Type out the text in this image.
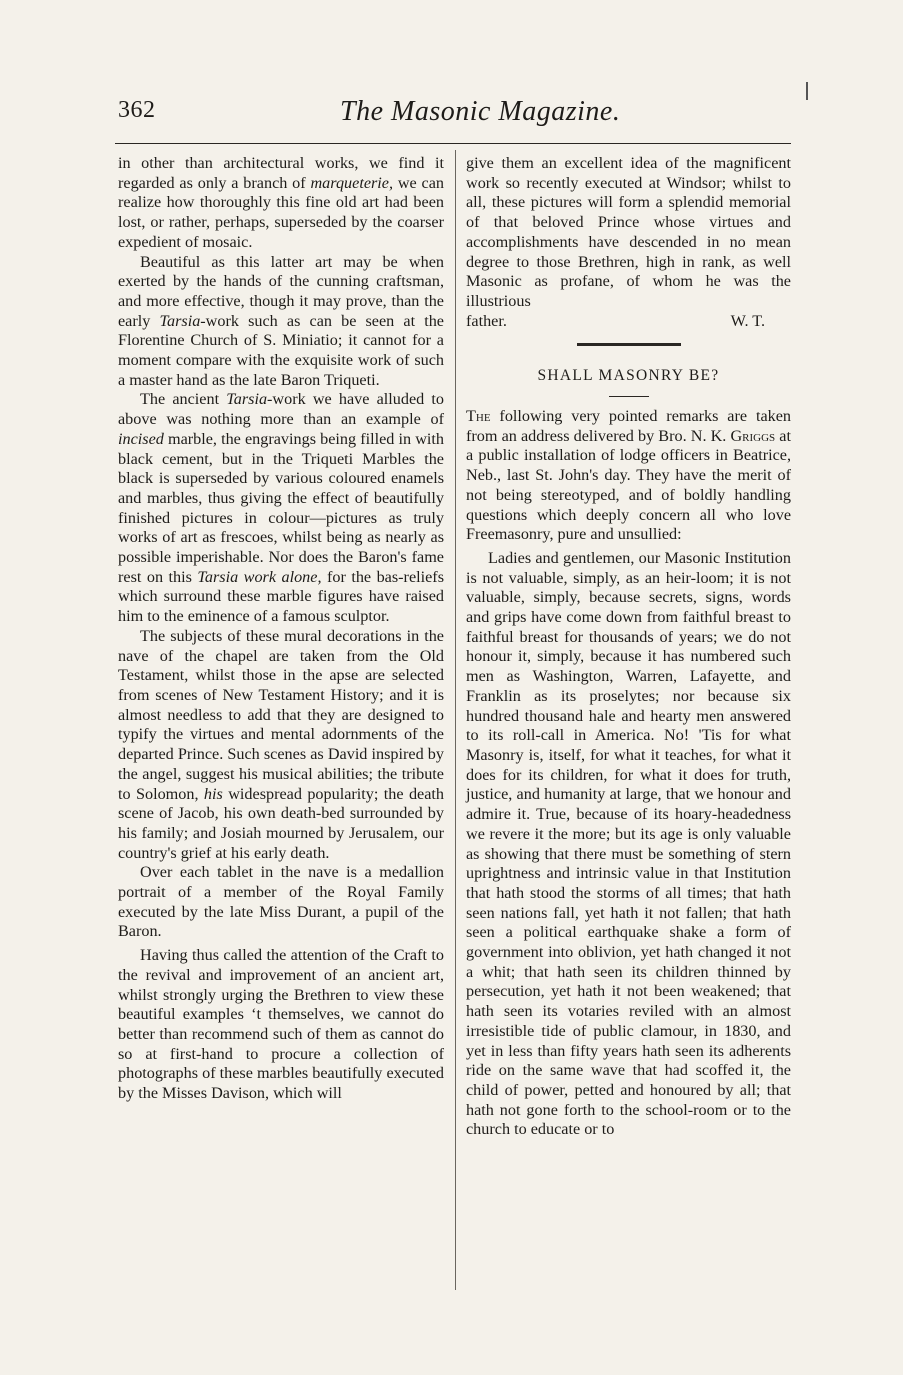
362	The Masonic Magazine.

in other than architectural works, we find it regarded as only a branch of marqueterie, we can realize how thoroughly this fine old art had been lost, or rather, perhaps, superseded by the coarser expedient of mosaic.

Beautiful as this latter art may be when exerted by the hands of the cunning craftsman, and more effective, though it may prove, than the early Tarsia-work such as can be seen at the Florentine Church of S. Miniatio; it cannot for a moment compare with the exquisite work of such a master hand as the late Baron Triqueti.

The ancient Tarsia-work we have alluded to above was nothing more than an example of incised marble, the engravings being filled in with black cement, but in the Triqueti Marbles the black is superseded by various coloured enamels and marbles, thus giving the effect of beautifully finished pictures in colour—pictures as truly works of art as frescoes, whilst being as nearly as possible imperishable. Nor does the Baron's fame rest on this Tarsia work alone, for the bas-reliefs which surround these marble figures have raised him to the eminence of a famous sculptor.

The subjects of these mural decorations in the nave of the chapel are taken from the Old Testament, whilst those in the apse are selected from scenes of New Testament History; and it is almost needless to add that they are designed to typify the virtues and mental adornments of the departed Prince. Such scenes as David inspired by the angel, suggest his musical abilities; the tribute to Solomon, his widespread popularity; the death scene of Jacob, his own death-bed surrounded by his family; and Josiah mourned by Jerusalem, our country's grief at his early death.

Over each tablet in the nave is a medallion portrait of a member of the Royal Family executed by the late Miss Durant, a pupil of the Baron.

Having thus called the attention of the Craft to the revival and improvement of an ancient art, whilst strongly urging the Brethren to view these beautiful examples ‘t themselves, we cannot do better than recommend such of them as cannot do so at first-hand to procure a collection of photographs of these marbles beautifully executed by the Misses Davison, which will

give them an excellent idea of the magnificent work so recently executed at Windsor; whilst to all, these pictures will form a splendid memorial of that beloved Prince whose virtues and accomplishments have descended in no mean degree to those Brethren, high in rank, as well Masonic as profane, of whom he was the illustrious

father.	W. T.
SHALL MASONRY BE?

The following very pointed remarks are taken from an address delivered by Bro. N. K. Griggs at a public installation of lodge officers in Beatrice, Neb., last St. John's day. They have the merit of not being stereotyped, and of boldly handling questions which deeply concern all who love Freemasonry, pure and unsullied:

Ladies and gentlemen, our Masonic Institution is not valuable, simply, as an heir-loom; it is not valuable, simply, because secrets, signs, words and grips have come down from faithful breast to faithful breast for thousands of years; we do not honour it, simply, because it has numbered such men as Washington, Warren, Lafayette, and Franklin as its proselytes; nor because six hundred thousand hale and hearty men answered to its roll-call in America. No! 'Tis for what Masonry is, itself, for what it teaches, for what it does for its children, for what it does for truth, justice, and humanity at large, that we honour and admire it. True, because of its hoary-headedness we revere it the more; but its age is only valuable as showing that there must be something of stern uprightness and intrinsic value in that Institution that hath stood the storms of all times; that hath seen nations fall, yet hath it not fallen; that hath seen a political earthquake shake a form of government into oblivion, yet hath changed it not a whit; that hath seen its children thinned by persecution, yet hath it not been weakened; that hath seen its votaries reviled with an almost irresistible tide of public clamour, in 1830, and yet in less than fifty years hath seen its adherents ride on the same wave that had scoffed it, the child of power, petted and honoured by all; that hath not gone forth to the school-room or to the church to educate or to
